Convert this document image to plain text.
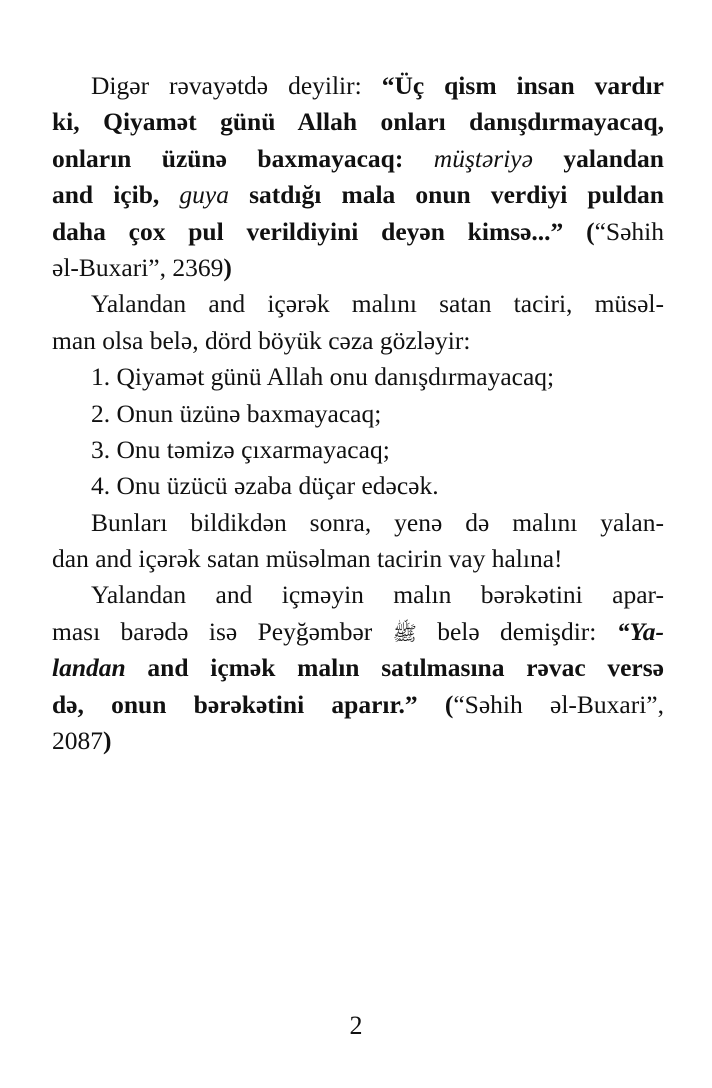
Digər rəvayətdə deyilir: “Üç qism insan vardır
ki, Qiyamət günü Allah onları danışdırmayacaq,
onların üzünə baxmayacaq: müştəriyə yalandan
and içib, guya satdığı mala onun verdiyi puldan
daha çox pul verildiyini deyən kimsə...” (“Səhih
əl-Buxari”, 2369)
Yalandan and içərək malını satan taciri, müsəl-
man olsa belə, dörd böyük cəza gözləyir:
1. Qiyamət günü Allah onu danışdırmayacaq;
2. Onun üzünə baxmayacaq;
3. Onu təmizə çıxarmayacaq;
4. Onu üzücü əzaba düçar edəcək.
Bunları bildikdən sonra, yenə də malını yalan-
dan and içərək satan müsəlman tacirin vay halına!
Yalandan and içməyin malın bərəkətini apar-
ması barədə isə Peyğəmbər ﷺ belə demişdir: “Ya-
landan and içmək malın satılmasına rəvac versə
də, onun bərəkətini aparır.” (“Səhih əl-Buxari”,
2087)
2
